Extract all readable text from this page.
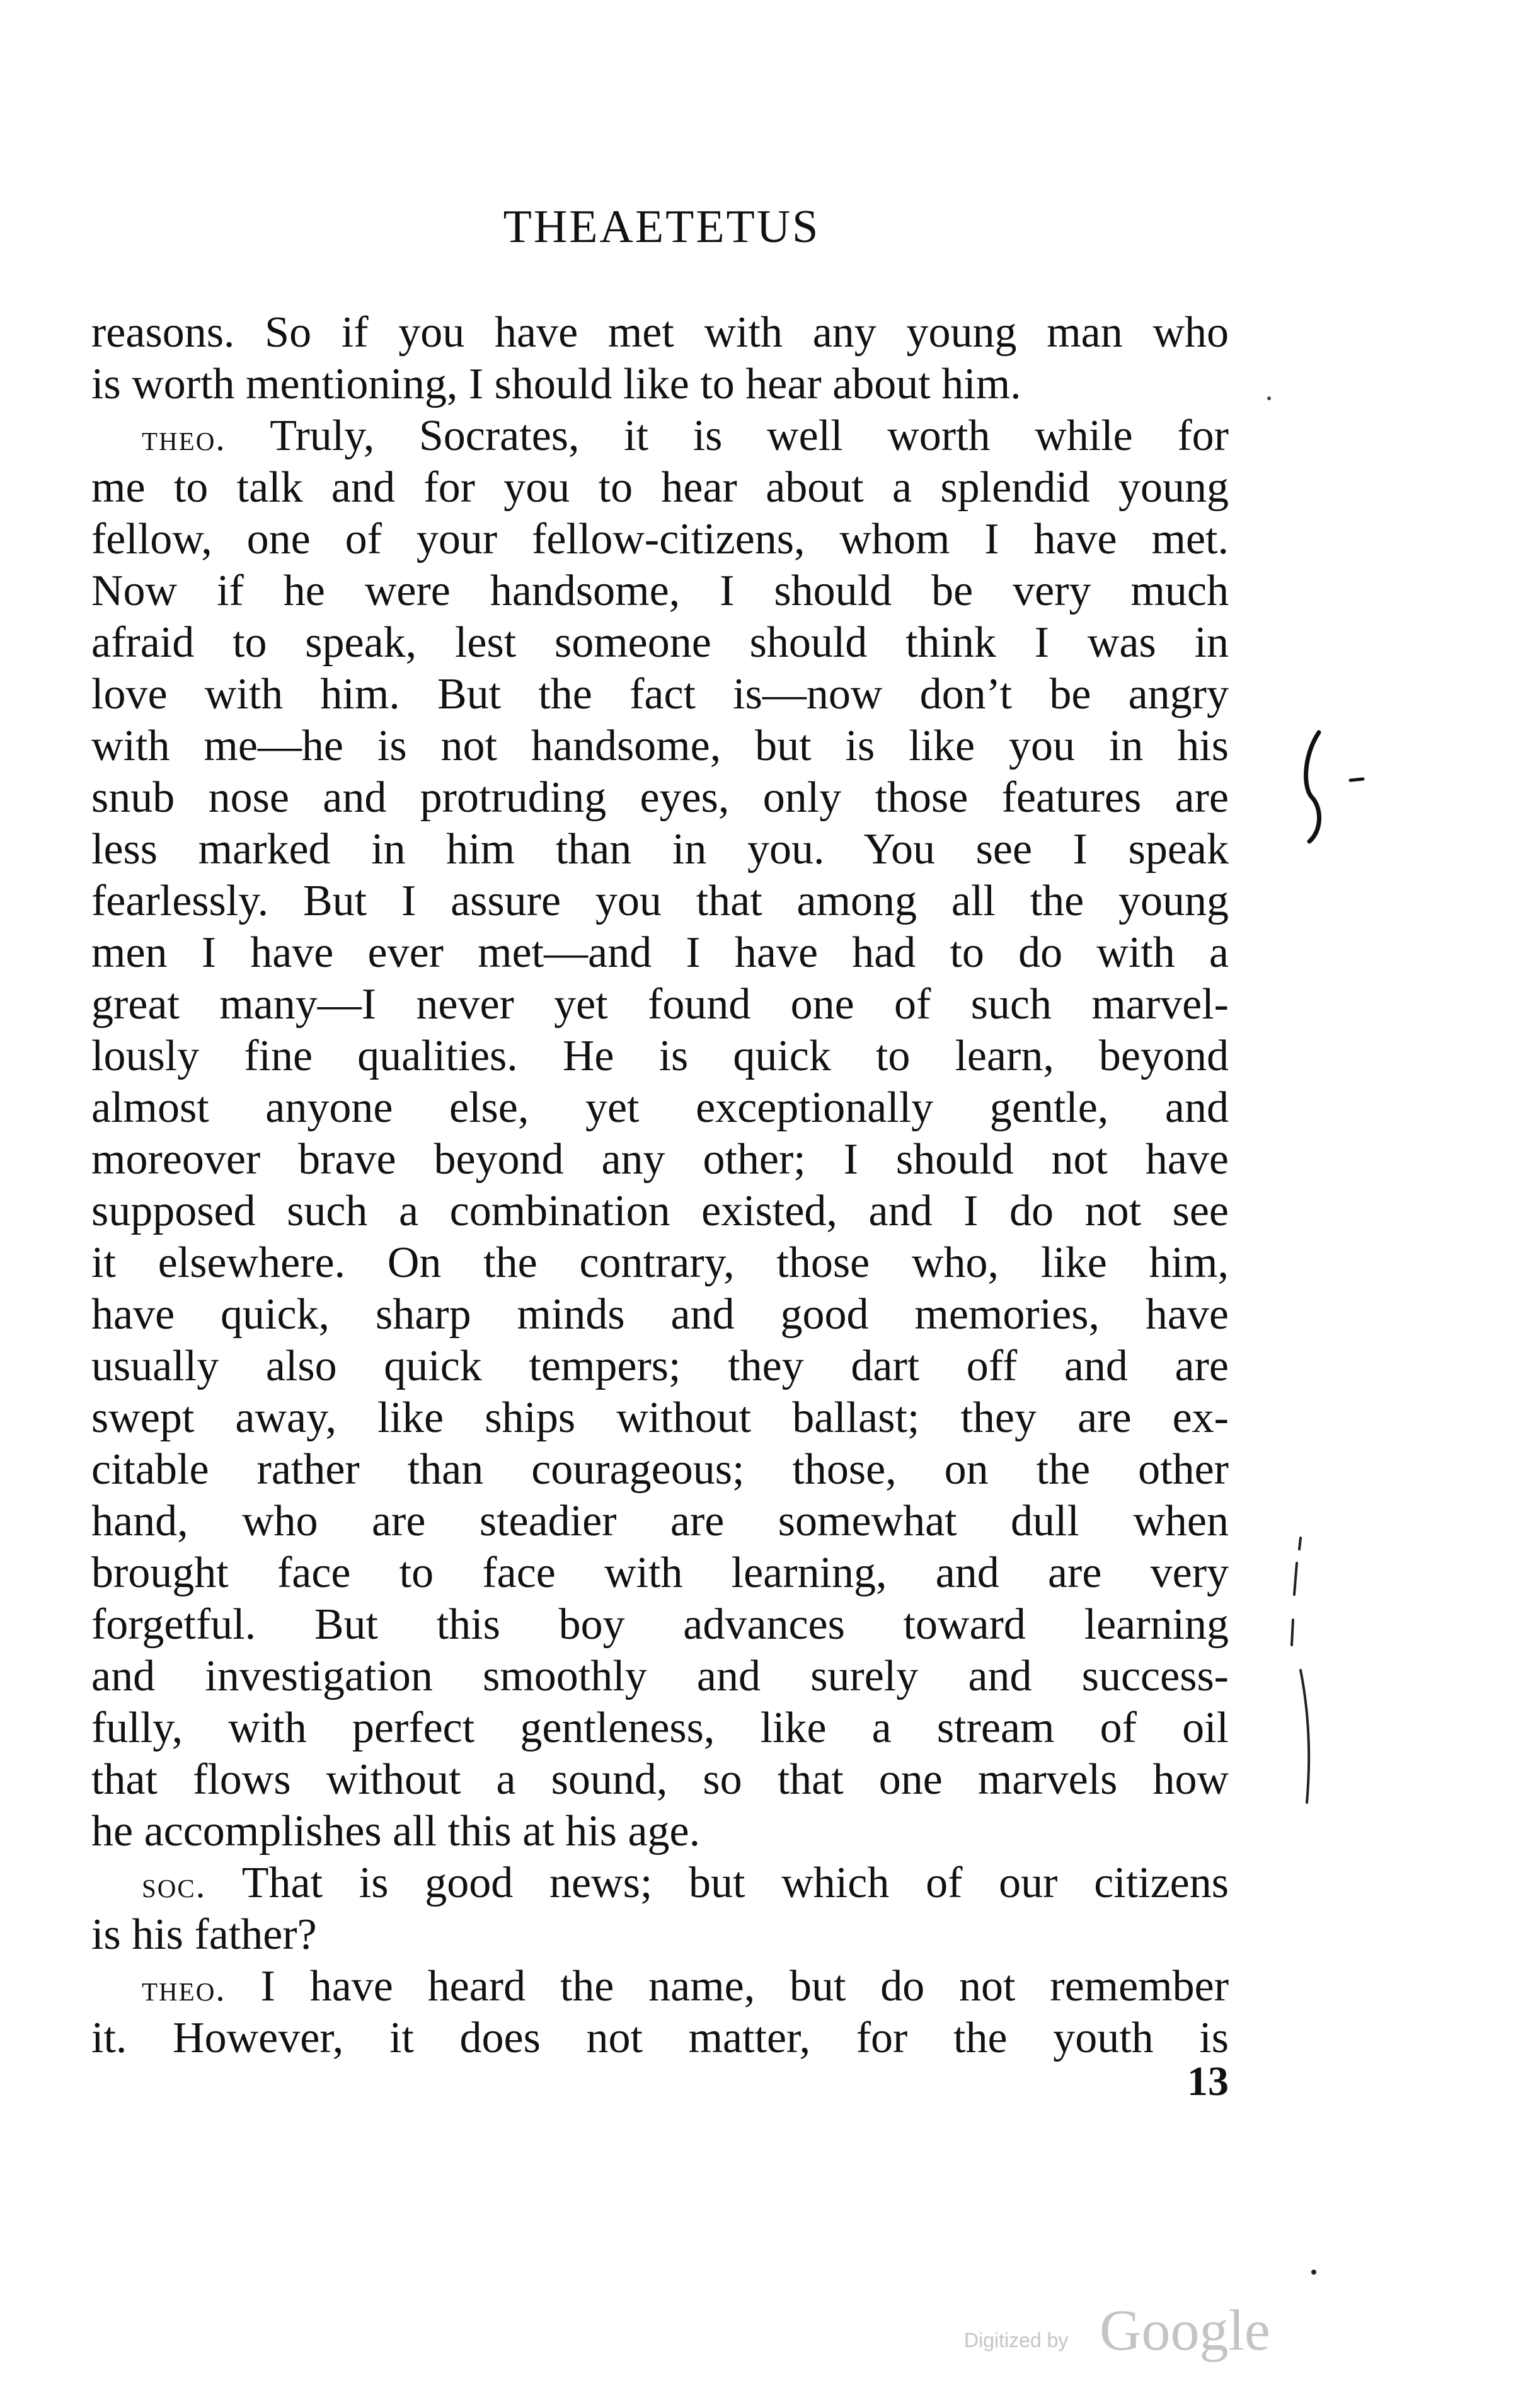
THEAETETUS
reasons. So if you have met with any young man who
is worth mentioning, I should like to hear about him.
theo. Truly, Socrates, it is well worth while for
me to talk and for you to hear about a splendid young
fellow, one of your fellow-citizens, whom I have met.
Now if he were handsome, I should be very much
afraid to speak, lest someone should think I was in
love with him. But the fact is—now don’t be angry
with me—he is not handsome, but is like you in his
snub nose and protruding eyes, only those features are
less marked in him than in you. You see I speak
fearlessly. But I assure you that among all the young
men I have ever met—and I have had to do with a
great many—I never yet found one of such marvel-
lously fine qualities. He is quick to learn, beyond
almost anyone else, yet exceptionally gentle, and
moreover brave beyond any other; I should not have
supposed such a combination existed, and I do not see
it elsewhere. On the contrary, those who, like him,
have quick, sharp minds and good memories, have
usually also quick tempers; they dart off and are
swept away, like ships without ballast; they are ex-
citable rather than courageous; those, on the other
hand, who are steadier are somewhat dull when
brought face to face with learning, and are very
forgetful. But this boy advances toward learning
and investigation smoothly and surely and success-
fully, with perfect gentleness, like a stream of oil
that flows without a sound, so that one marvels how
he accomplishes all this at his age.
soc. That is good news; but which of our citizens
is his father?
theo. I have heard the name, but do not remember
it. However, it does not matter, for the youth is
13
Digitized by Google
